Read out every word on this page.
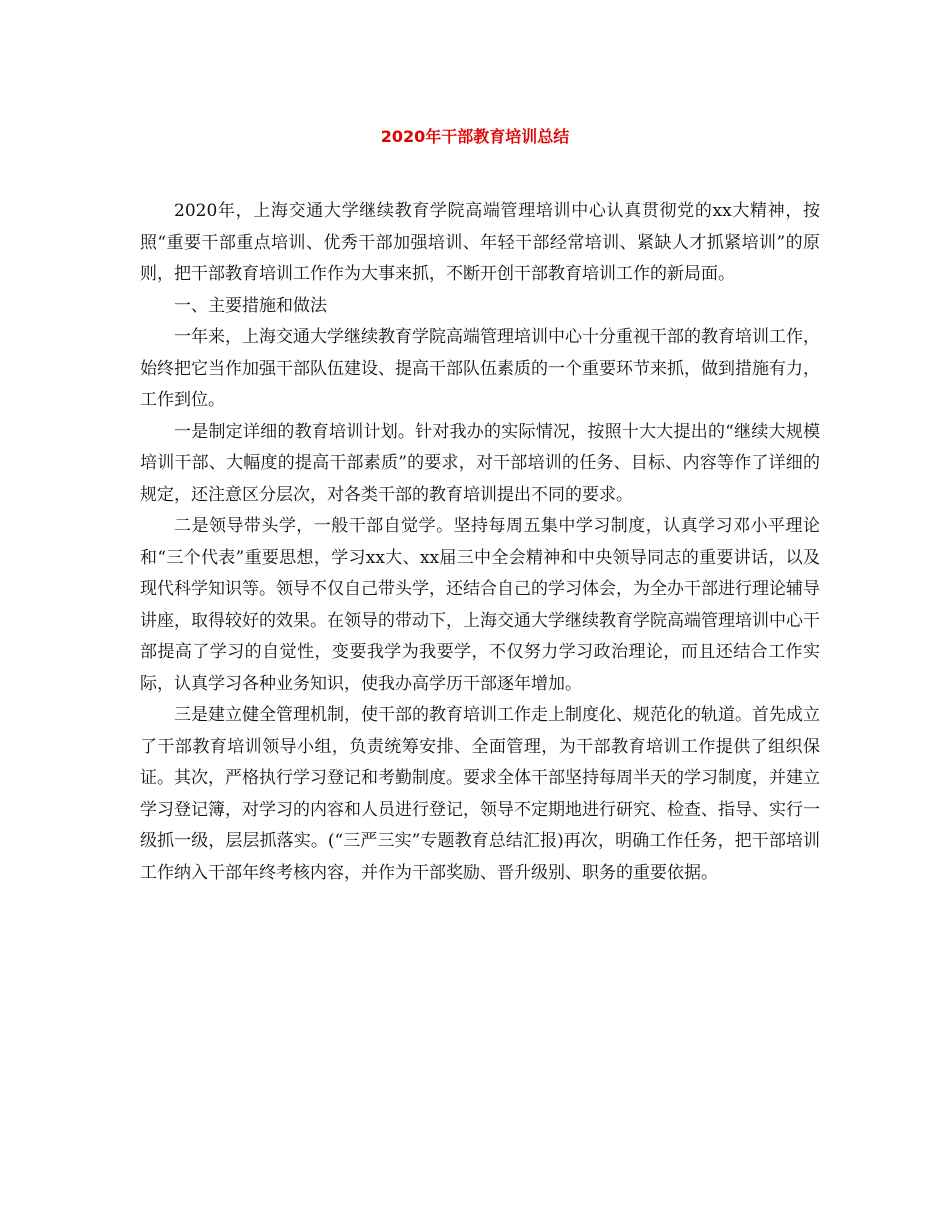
2020年干部教育培训总结

2020年，上海交通大学继续教育学院高端管理培训中心认真贯彻党的xx大精神，按照“重要干部重点培训、优秀干部加强培训、年轻干部经常培训、紧缺人才抓紧培训”的原则，把干部教育培训工作作为大事来抓，不断开创干部教育培训工作的新局面。

一、主要措施和做法

一年来，上海交通大学继续教育学院高端管理培训中心十分重视干部的教育培训工作，始终把它当作加强干部队伍建设、提高干部队伍素质的一个重要环节来抓，做到措施有力，工作到位。

一是制定详细的教育培训计划。针对我办的实际情况，按照十大大提出的“继续大规模培训干部、大幅度的提高干部素质”的要求，对干部培训的任务、目标、内容等作了详细的规定，还注意区分层次，对各类干部的教育培训提出不同的要求。

二是领导带头学，一般干部自觉学。坚持每周五集中学习制度，认真学习邓小平理论和“三个代表”重要思想，学习xx大、xx届三中全会精神和中央领导同志的重要讲话，以及现代科学知识等。领导不仅自己带头学，还结合自己的学习体会，为全办干部进行理论辅导讲座，取得较好的效果。在领导的带动下，上海交通大学继续教育学院高端管理培训中心干部提高了学习的自觉性，变要我学为我要学，不仅努力学习政治理论，而且还结合工作实际，认真学习各种业务知识，使我办高学历干部逐年增加。

三是建立健全管理机制，使干部的教育培训工作走上制度化、规范化的轨道。首先成立了干部教育培训领导小组，负责统筹安排、全面管理，为干部教育培训工作提供了组织保证。其次，严格执行学习登记和考勤制度。要求全体干部坚持每周半天的学习制度，并建立学习登记簿，对学习的内容和人员进行登记，领导不定期地进行研究、检查、指导、实行一级抓一级，层层抓落实。(“三严三实”专题教育总结汇报)再次，明确工作任务，把干部培训工作纳入干部年终考核内容，并作为干部奖励、晋升级别、职务的重要依据。
